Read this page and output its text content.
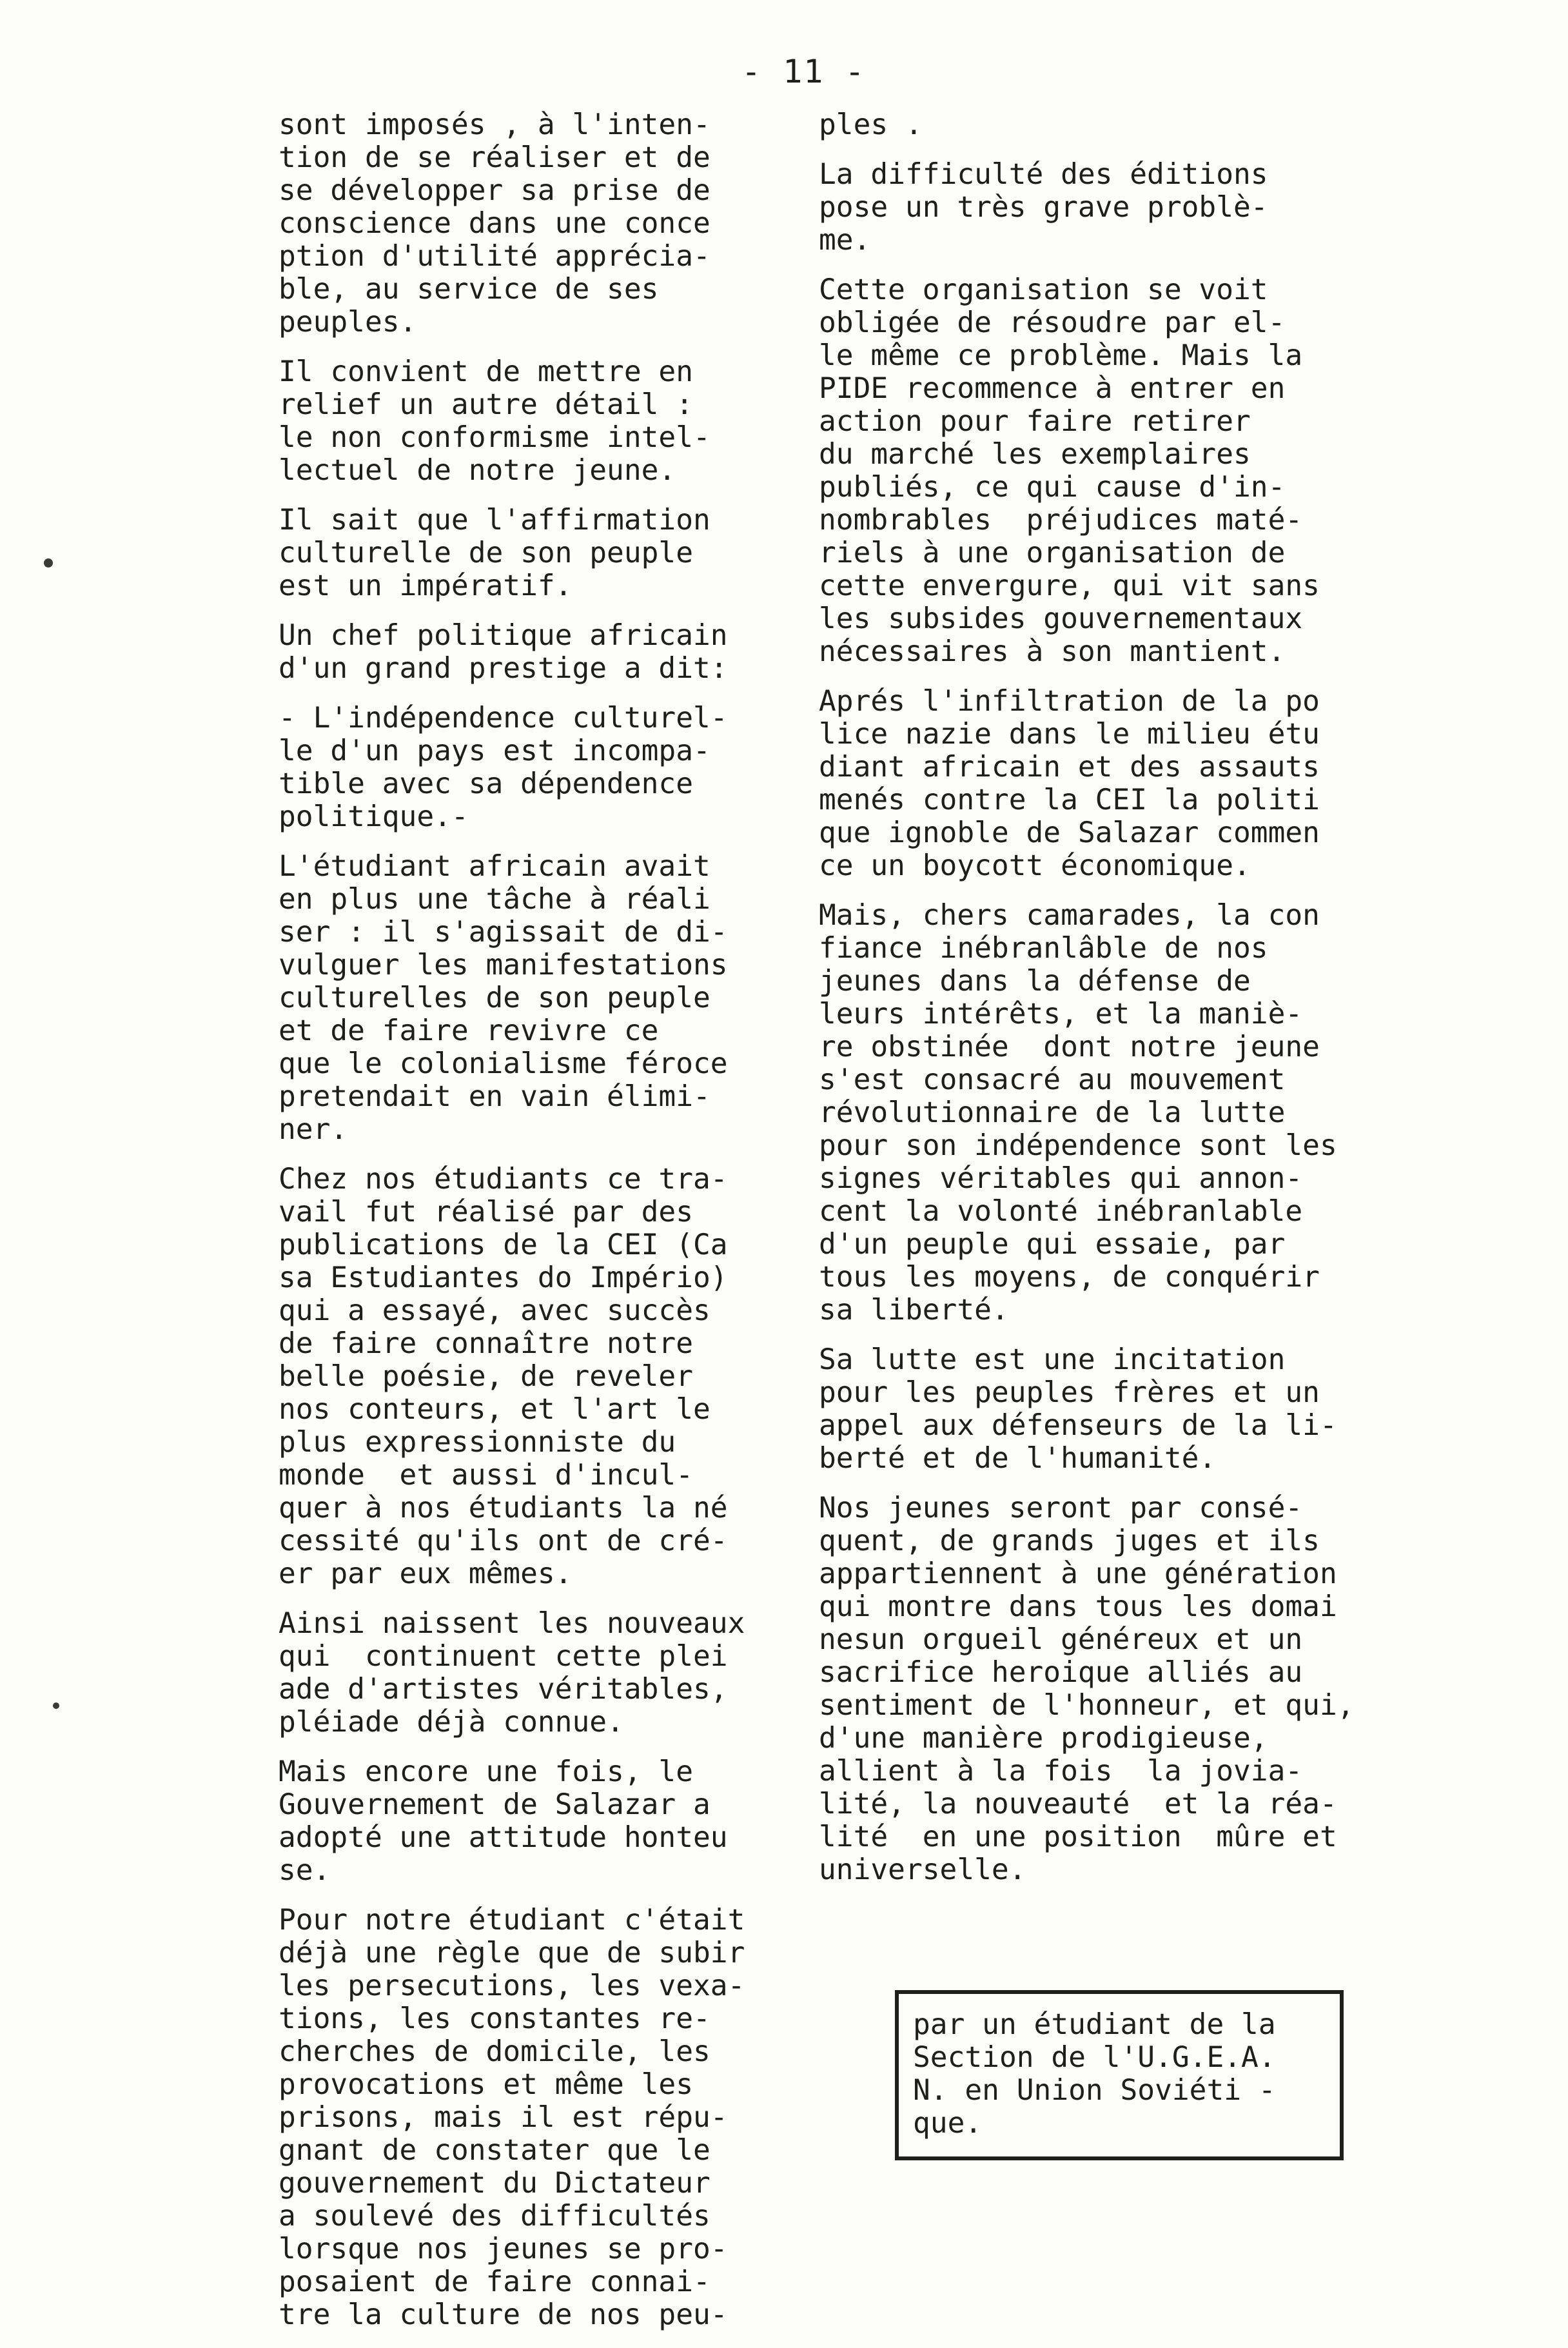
- 11 -
sont imposés , à l'inten-
tion de se réaliser et de
se développer sa prise de
conscience dans une conce
ption d'utilité apprécia-
ble, au service de ses
peuples.
Il convient de mettre en
relief un autre détail :
le non conformisme intel-
lectuel de notre jeune.
Il sait que l'affirmation
culturelle de son peuple
est un impératif.
Un chef politique africain
d'un grand prestige a dit:
- L'indépendence culturel-
le d'un pays est incompa-
tible avec sa dépendence
politique.-
L'étudiant africain avait
en plus une tâche à réali
ser : il s'agissait de di-
vulguer les manifestations
culturelles de son peuple
et de faire revivre ce
que le colonialisme féroce
pretendait en vain élimi-
ner.
Chez nos étudiants ce tra-
vail fut réalisé par des
publications de la CEI (Ca
sa Estudiantes do Império)
qui a essayé, avec succès
de faire connaître notre
belle poésie, de reveler
nos conteurs, et l'art le
plus expressionniste du
monde  et aussi d'incul-
quer à nos étudiants la né
cessité qu'ils ont de cré-
er par eux mêmes.
Ainsi naissent les nouveaux
qui  continuent cette plei
ade d'artistes véritables,
pléiade déjà connue.
Mais encore une fois, le
Gouvernement de Salazar a
adopté une attitude honteu
se.
Pour notre étudiant c'était
déjà une règle que de subir
les persecutions, les vexa-
tions, les constantes re-
cherches de domicile, les
provocations et même les
prisons, mais il est répu-
gnant de constater que le
gouvernement du Dictateur
a soulevé des difficultés
lorsque nos jeunes se pro-
posaient de faire connai-
tre la culture de nos peu-
ples .
La difficulté des éditions
pose un très grave problè-
me.
Cette organisation se voit
obligée de résoudre par el-
le même ce problème. Mais la
PIDE recommence à entrer en
action pour faire retirer
du marché les exemplaires
publiés, ce qui cause d'in-
nombrables  préjudices maté-
riels à une organisation de
cette envergure, qui vit sans
les subsides gouvernementaux
nécessaires à son mantient.
Aprés l'infiltration de la po
lice nazie dans le milieu étu
diant africain et des assauts
menés contre la CEI la politi
que ignoble de Salazar commen
ce un boycott économique.
Mais, chers camarades, la con
fiance inébranlâble de nos
jeunes dans la défense de
leurs intérêts, et la maniè-
re obstinée  dont notre jeune
s'est consacré au mouvement
révolutionnaire de la lutte
pour son indépendence sont les
signes véritables qui annon-
cent la volonté inébranlable
d'un peuple qui essaie, par
tous les moyens, de conquérir
sa liberté.
Sa lutte est une incitation
pour les peuples frères et un
appel aux défenseurs de la li-
berté et de l'humanité.
Nos jeunes seront par consé-
quent, de grands juges et ils
appartiennent à une génération
qui montre dans tous les domai
nesun orgueil généreux et un
sacrifice heroique alliés au
sentiment de l'honneur, et qui,
d'une manière prodigieuse,
allient à la fois  la jovia-
lité, la nouveauté  et la réa-
lité  en une position  mûre et
universelle.
par un étudiant de la
Section de l'U.G.E.A.
N. en Union Soviéti -
que.
